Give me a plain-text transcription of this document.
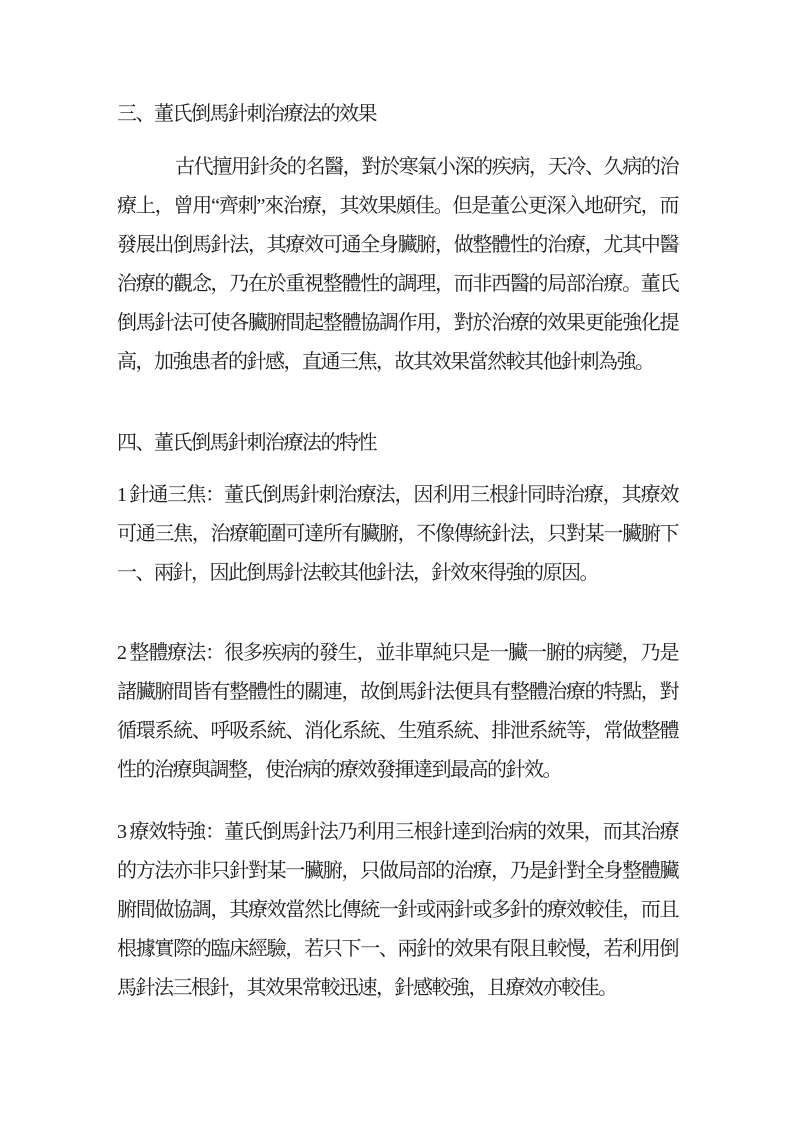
三、董氏倒馬針刺治療法的效果

古代擅用針灸的名醫，對於寒氣小深的疾病，天冷、久病的治療上，曾用“齊刺”來治療，其效果頗佳。但是董公更深入地研究，而發展出倒馬針法，其療效可通全身臟腑，做整體性的治療，尤其中醫治療的觀念，乃在於重視整體性的調理，而非西醫的局部治療。董氏倒馬針法可使各臟腑間起整體協調作用，對於治療的效果更能強化提高，加強患者的針感，直通三焦，故其效果當然較其他針刺為強。

四、董氏倒馬針刺治療法的特性

1 針通三焦：董氏倒馬針刺治療法，因利用三根針同時治療，其療效可通三焦，治療範圍可達所有臟腑，不像傳統針法，只對某一臟腑下一、兩針，因此倒馬針法較其他針法，針效來得強的原因。

2 整體療法：很多疾病的發生，並非單純只是一臟一腑的病變，乃是諸臟腑間皆有整體性的關連，故倒馬針法便具有整體治療的特點，對循環系統、呼吸系統、消化系統、生殖系統、排泄系統等，常做整體性的治療與調整，使治病的療效發揮達到最高的針效。

3 療效特強：董氏倒馬針法乃利用三根針達到治病的效果，而其治療的方法亦非只針對某一臟腑，只做局部的治療，乃是針對全身整體臟腑間做協調，其療效當然比傳統一針或兩針或多針的療效較佳，而且根據實際的臨床經驗，若只下一、兩針的效果有限且較慢，若利用倒馬針法三根針，其效果常較迅速，針感較強，且療效亦較佳。
